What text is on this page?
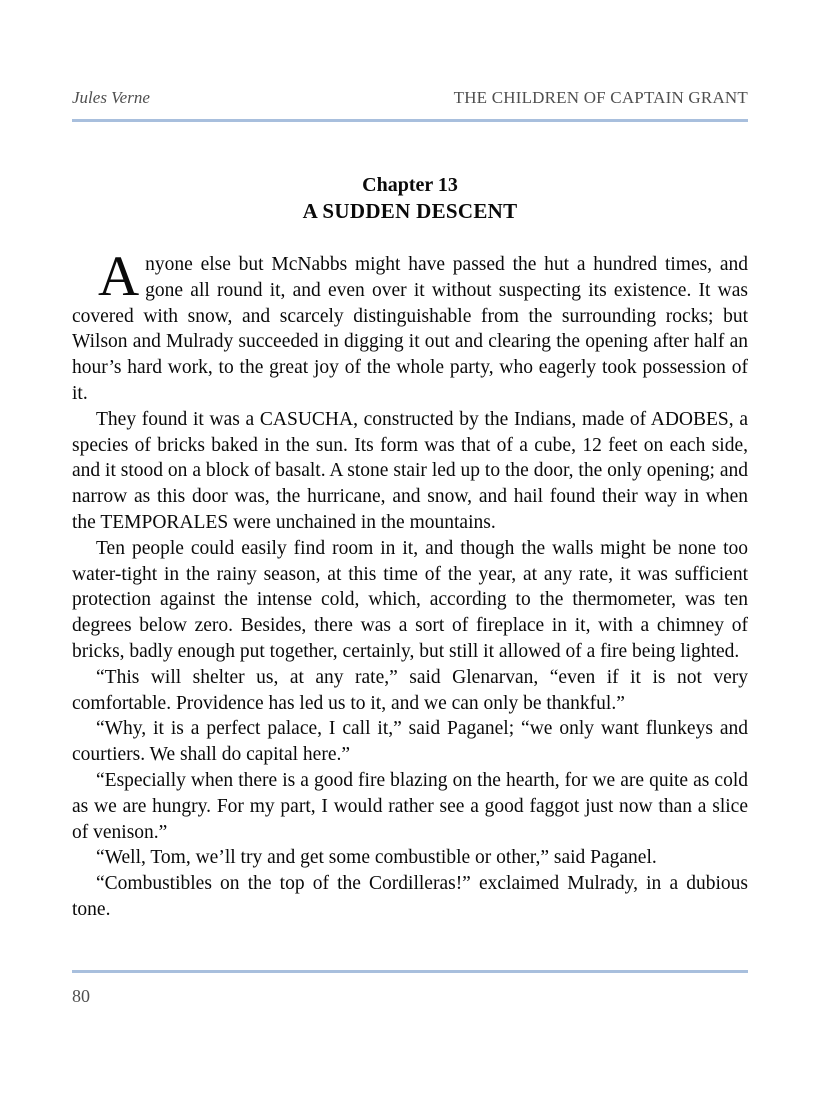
Jules Verne	THE CHILDREN OF CAPTAIN GRANT
Chapter 13
A SUDDEN DESCENT

Anyone else but McNabbs might have passed the hut a hundred times, and gone all round it, and even over it without suspecting its existence. It was covered with snow, and scarcely distinguishable from the surrounding rocks; but Wilson and Mulrady succeeded in digging it out and clearing the opening after half an hour’s hard work, to the great joy of the whole party, who eagerly took possession of it.

They found it was a CASUCHA, constructed by the Indians, made of ADOBES, a species of bricks baked in the sun. Its form was that of a cube, 12 feet on each side, and it stood on a block of basalt. A stone stair led up to the door, the only opening; and narrow as this door was, the hurricane, and snow, and hail found their way in when the TEMPORALES were unchained in the mountains.

Ten people could easily find room in it, and though the walls might be none too water-tight in the rainy season, at this time of the year, at any rate, it was sufficient protection against the intense cold, which, according to the thermometer, was ten degrees below zero. Besides, there was a sort of fireplace in it, with a chimney of bricks, badly enough put together, certainly, but still it allowed of a fire being lighted.

“This will shelter us, at any rate,” said Glenarvan, “even if it is not very comfortable. Providence has led us to it, and we can only be thankful.”

“Why, it is a perfect palace, I call it,” said Paganel; “we only want flunkeys and courtiers. We shall do capital here.”

“Especially when there is a good fire blazing on the hearth, for we are quite as cold as we are hungry. For my part, I would rather see a good faggot just now than a slice of venison.”

“Well, Tom, we’ll try and get some combustible or other,” said Paganel.

“Combustibles on the top of the Cordilleras!” exclaimed Mulrady, in a dubious tone.

80
